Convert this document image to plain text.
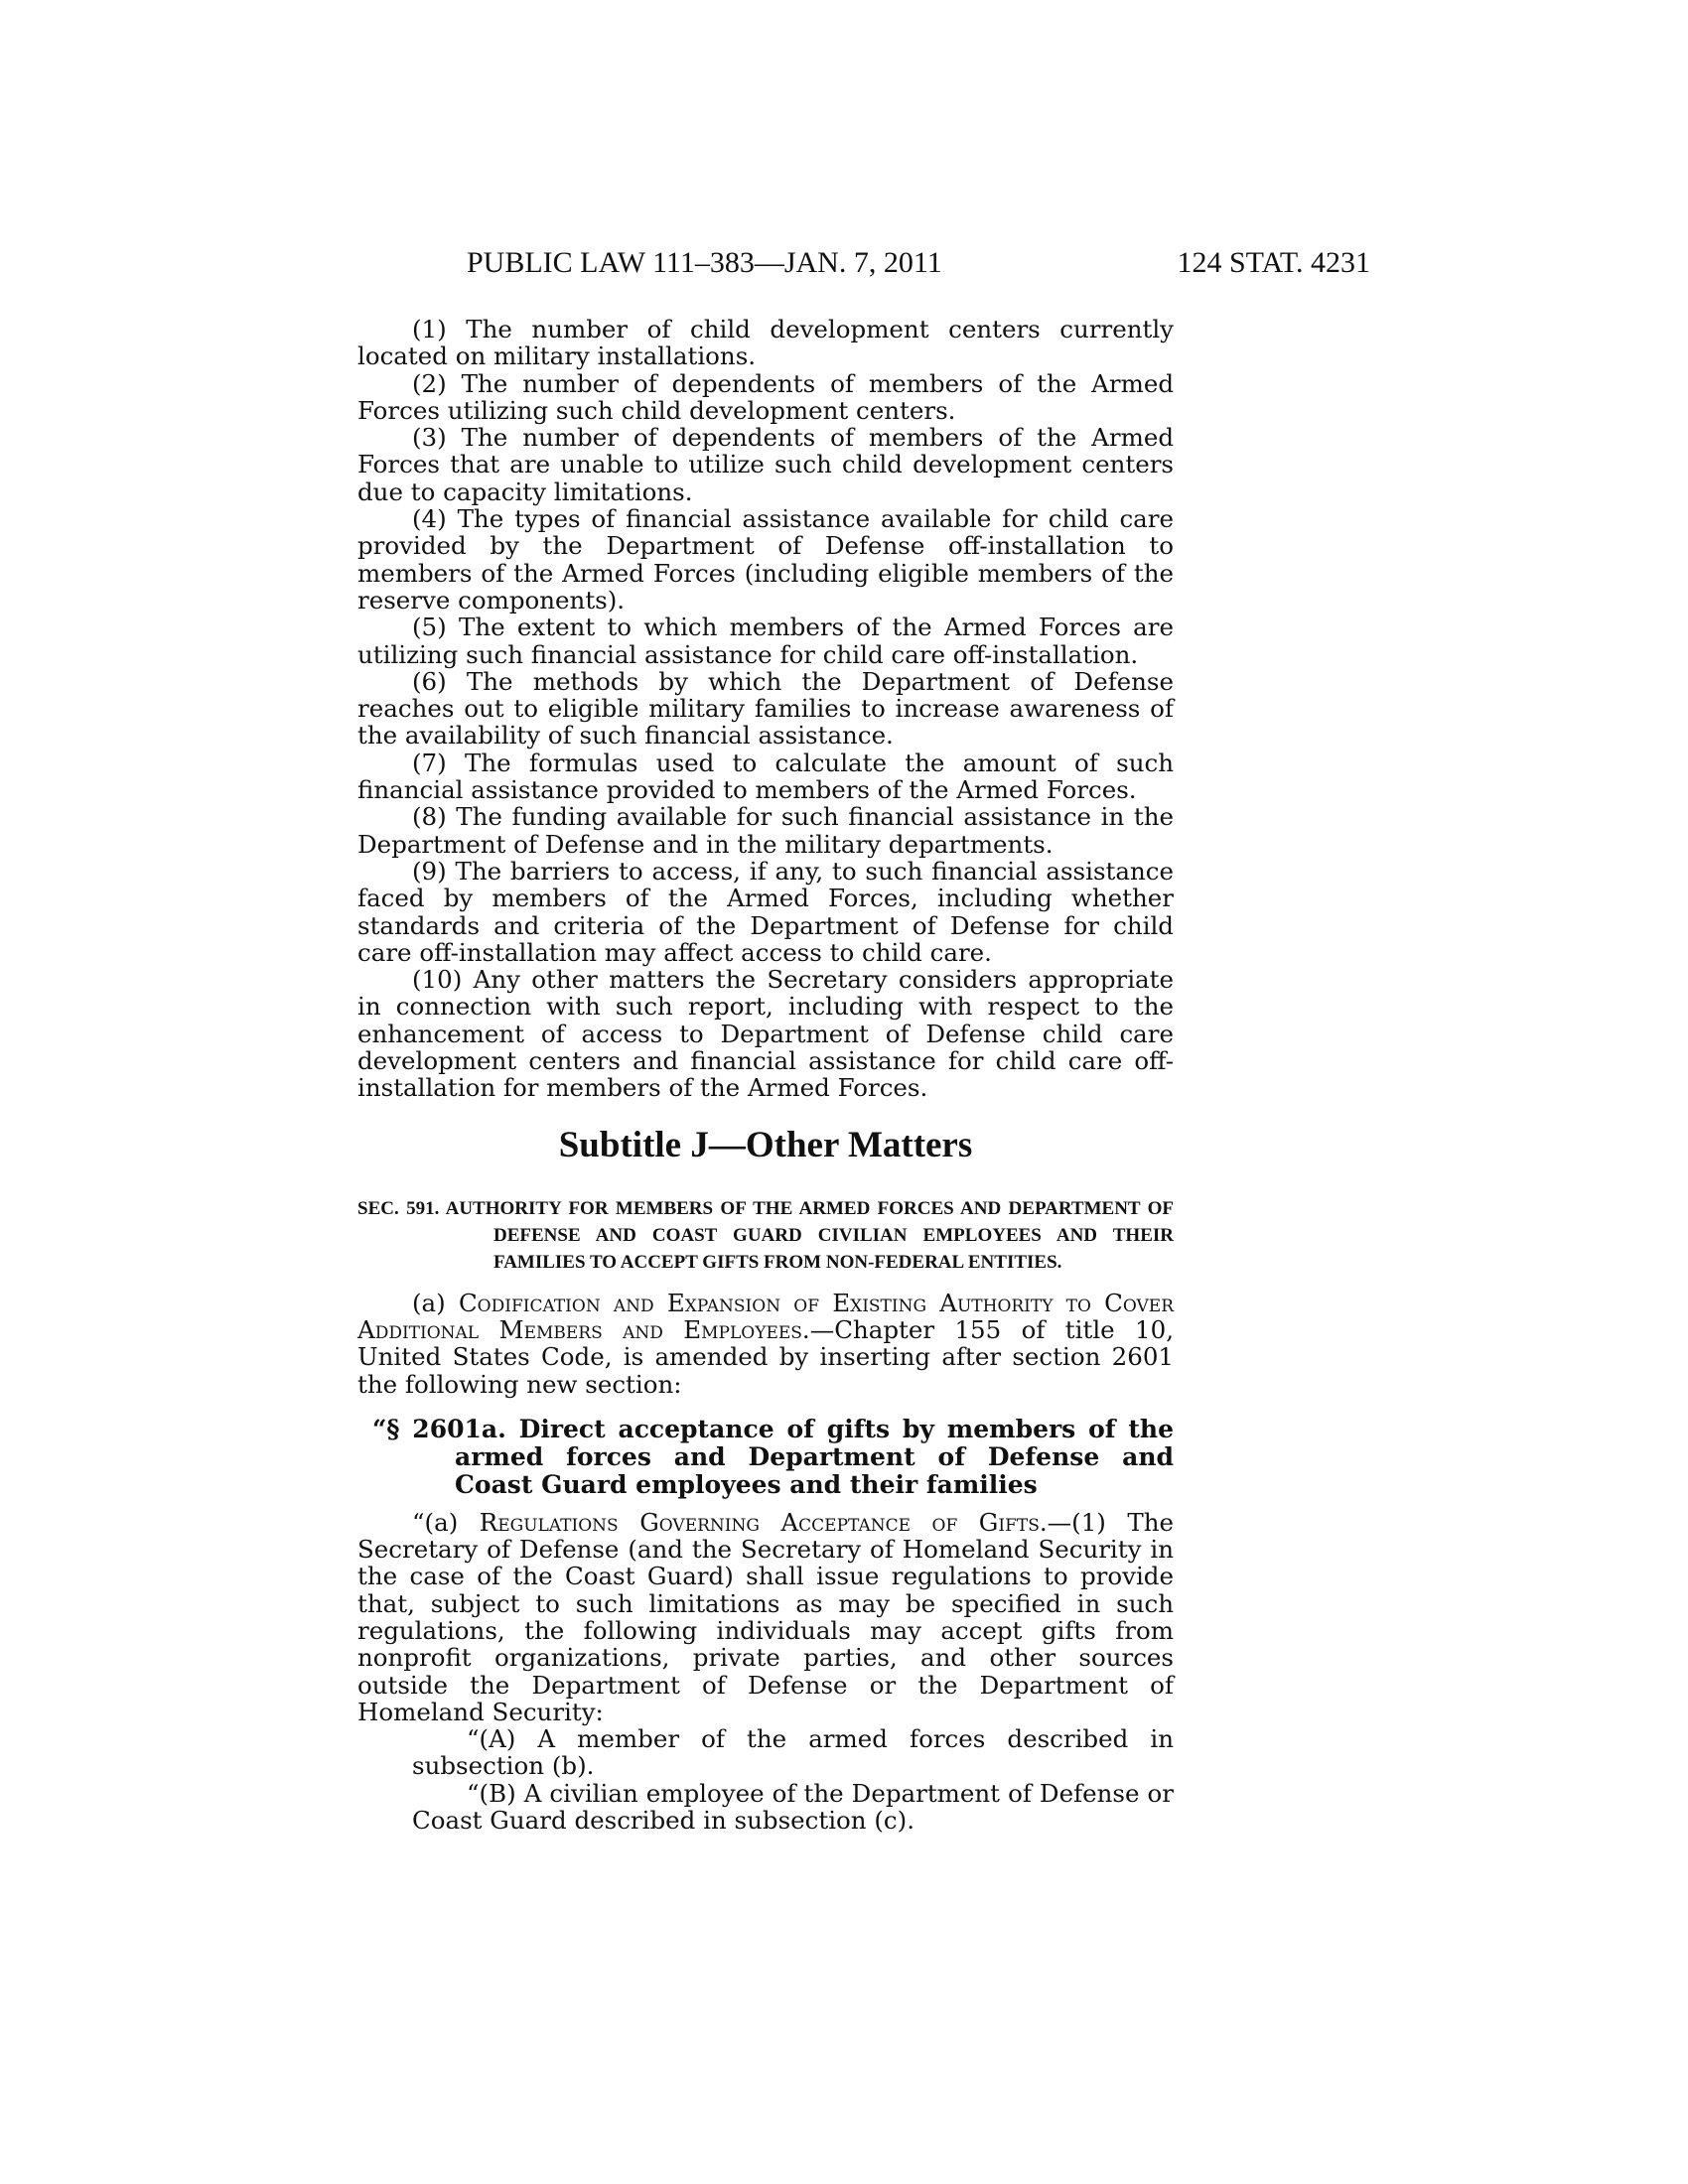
PUBLIC LAW 111–383—JAN. 7, 2011	124 STAT. 4231

(1) The number of child development centers currently located on military installations.

(2) The number of dependents of members of the Armed Forces utilizing such child development centers.

(3) The number of dependents of members of the Armed Forces that are unable to utilize such child development centers due to capacity limitations.

(4) The types of financial assistance available for child care provided by the Department of Defense off-installation to members of the Armed Forces (including eligible members of the reserve components).

(5) The extent to which members of the Armed Forces are utilizing such financial assistance for child care off-installation.

(6) The methods by which the Department of Defense reaches out to eligible military families to increase awareness of the availability of such financial assistance.

(7) The formulas used to calculate the amount of such financial assistance provided to members of the Armed Forces.

(8) The funding available for such financial assistance in the Department of Defense and in the military departments.

(9) The barriers to access, if any, to such financial assistance faced by members of the Armed Forces, including whether standards and criteria of the Department of Defense for child care off-installation may affect access to child care.

(10) Any other matters the Secretary considers appropriate in connection with such report, including with respect to the enhancement of access to Department of Defense child care development centers and financial assistance for child care off-installation for members of the Armed Forces.

Subtitle J—Other Matters

SEC. 591. AUTHORITY FOR MEMBERS OF THE ARMED FORCES AND DEPARTMENT OF DEFENSE AND COAST GUARD CIVILIAN EMPLOYEES AND THEIR FAMILIES TO ACCEPT GIFTS FROM NON-FEDERAL ENTITIES.

(a) Codification and Expansion of Existing Authority to Cover Additional Members and Employees.—Chapter 155 of title 10, United States Code, is amended by inserting after section 2601 the following new section:

“§ 2601a. Direct acceptance of gifts by members of the armed forces and Department of Defense and Coast Guard employees and their families

“(a) Regulations Governing Acceptance of Gifts.—(1) The Secretary of Defense (and the Secretary of Homeland Security in the case of the Coast Guard) shall issue regulations to provide that, subject to such limitations as may be specified in such regulations, the following individuals may accept gifts from nonprofit organizations, private parties, and other sources outside the Department of Defense or the Department of Homeland Security:

“(A) A member of the armed forces described in subsection (b).

“(B) A civilian employee of the Department of Defense or Coast Guard described in subsection (c).
